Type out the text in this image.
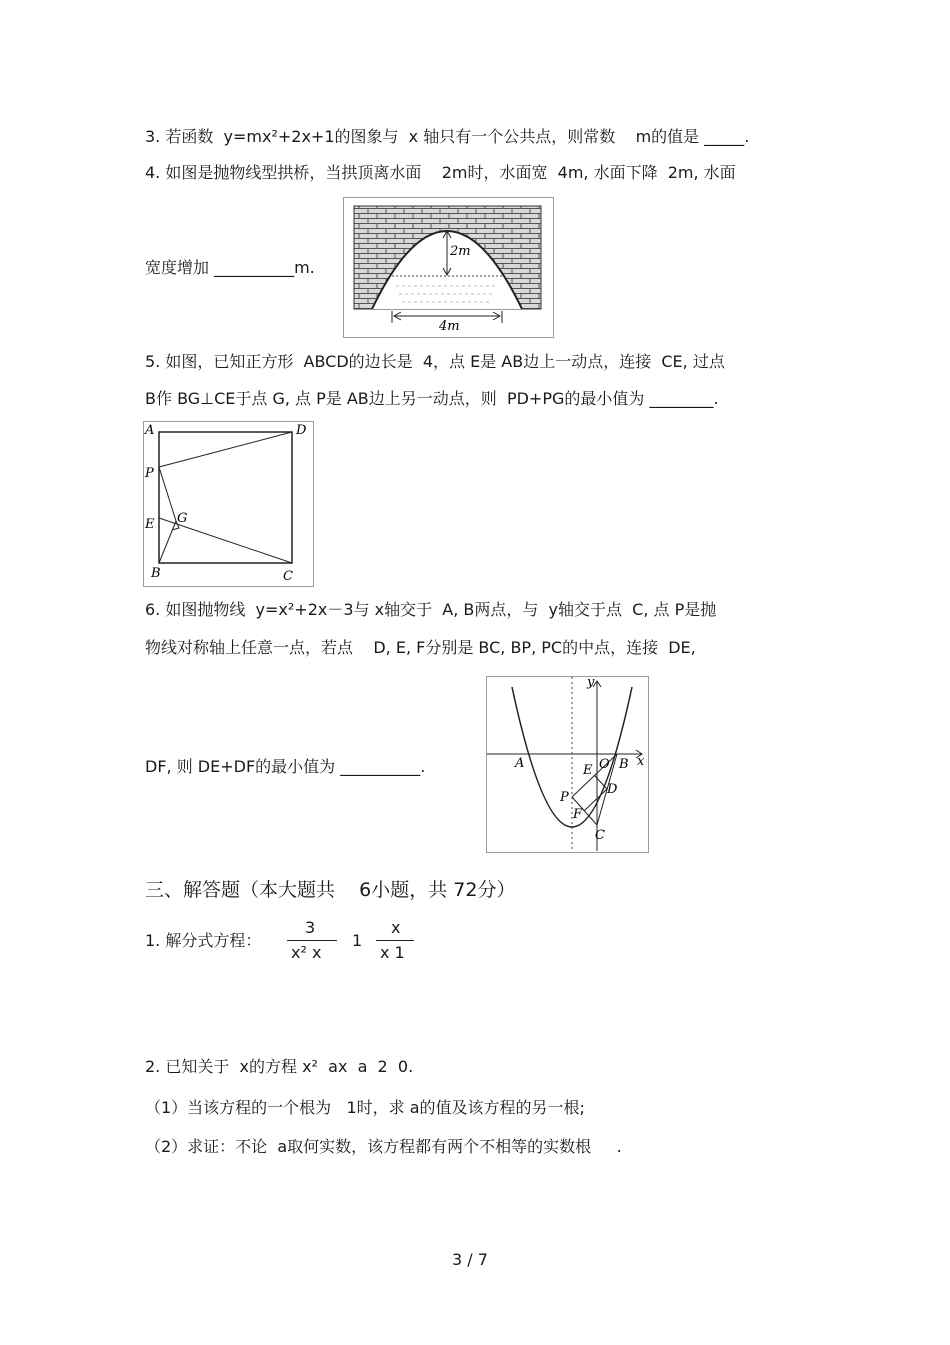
3. 若函数  y=mx²+2x+1的图象与  x 轴只有一个公共点，则常数    m的值是 _____.
4. 如图是抛物线型拱桥，当拱顶离水面    2m时，水面宽  4m, 水面下降  2m, 水面
2m
4m
宽度增加 __________m.
5. 如图，已知正方形  ABCD的边长是  4，点 E是 AB边上一动点，连接  CE, 过点
B作 BG⊥CE于点 G, 点 P是 AB边上另一动点，则  PD+PG的最小值为 ________.
A	D
P
E G
B	C
6. 如图抛物线  y=x²+2x－3与 x轴交于  A, B两点，与  y轴交于点  C, 点 P是抛
物线对称轴上任意一点，若点    D, E, F分别是 BC, BP, PC的中点，连接  DE,
y
x
A	O B
E
D
P
F
C
DF, 则 DE+DF的最小值为 __________.
三、解答题（本大题共    6小题，共 72分）
1. 解分式方程：
3
x² x
1
x
x 1
2. 已知关于  x的方程 x²  ax  a  2  0.
（1）当该方程的一个根为   1时，求 a的值及该方程的另一根;
（2）求证：不论  a取何实数，该方程都有两个不相等的实数根     .
3 / 7
